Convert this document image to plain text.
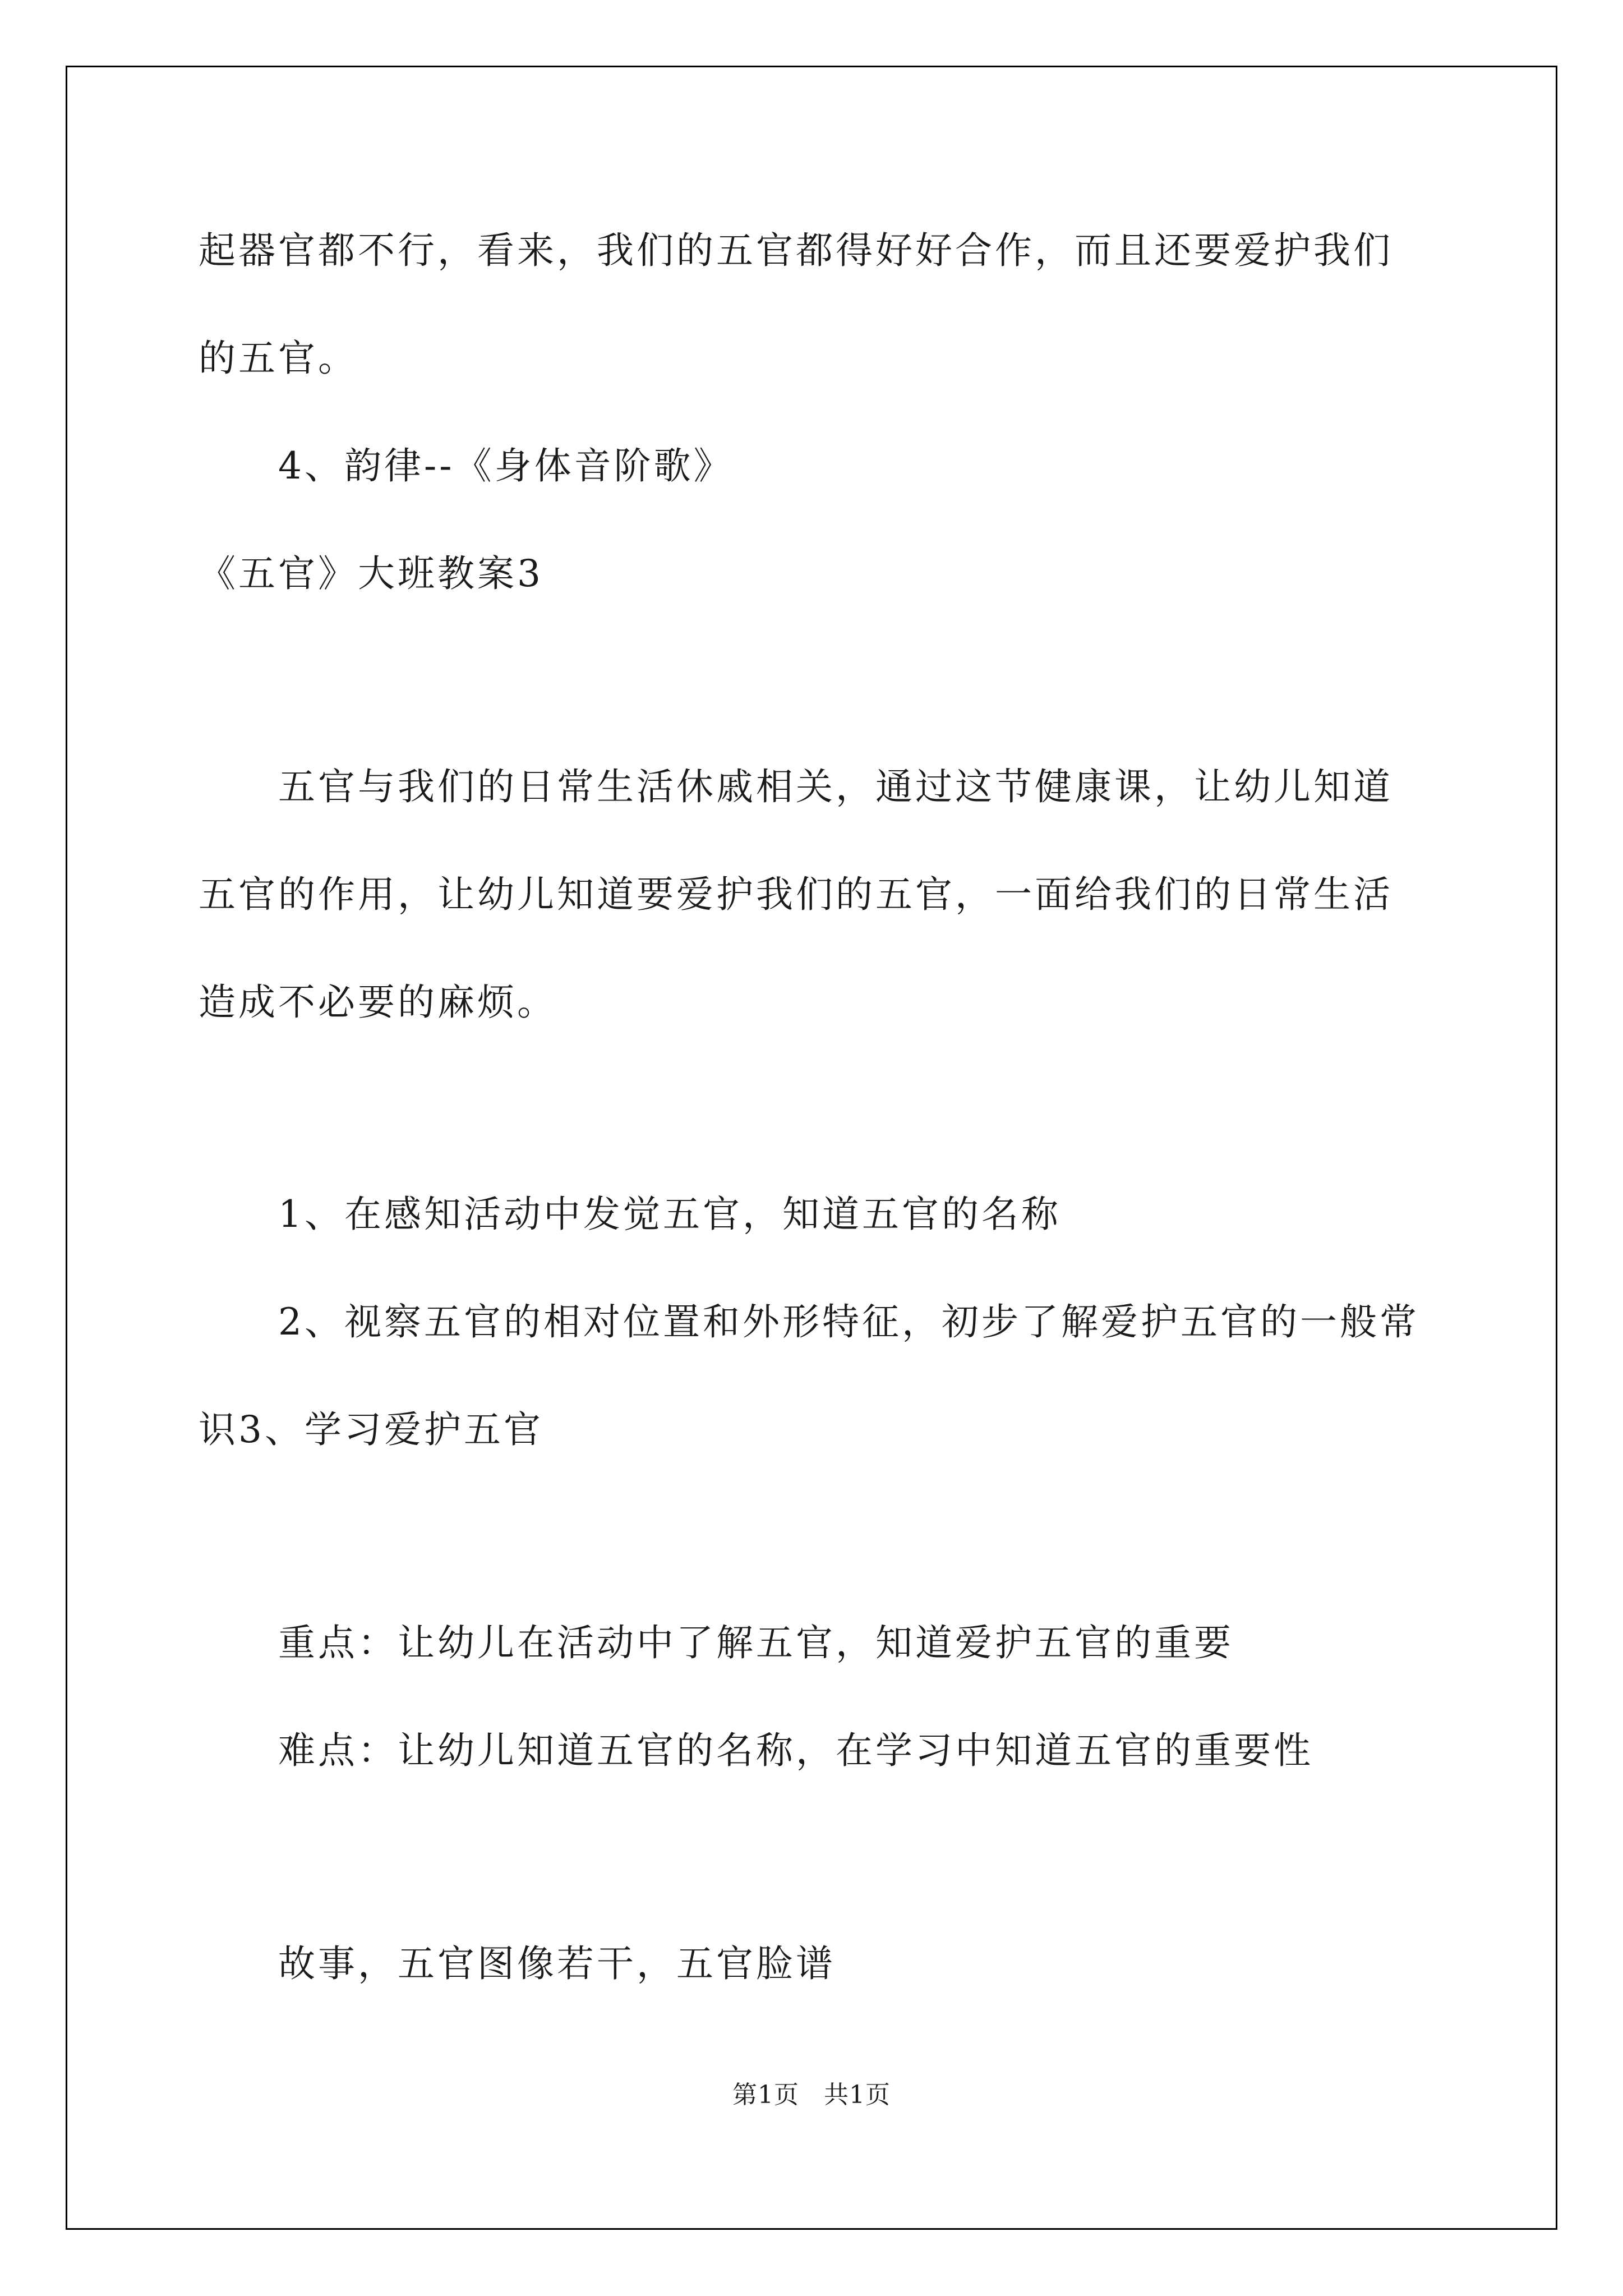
起器官都不行，看来，我们的五官都得好好合作，而且还要爱护我们
的五官。
4、韵律--《身体音阶歌》
《五官》大班教案3
五官与我们的日常生活休戚相关，通过这节健康课，让幼儿知道
五官的作用，让幼儿知道要爱护我们的五官，一面给我们的日常生活
造成不必要的麻烦。
1、在感知活动中发觉五官，知道五官的名称
2、视察五官的相对位置和外形特征，初步了解爱护五官的一般常
识3、学习爱护五官
重点：让幼儿在活动中了解五官，知道爱护五官的重要
难点：让幼儿知道五官的名称，在学习中知道五官的重要性
故事，五官图像若干，五官脸谱
第1页 共1页
